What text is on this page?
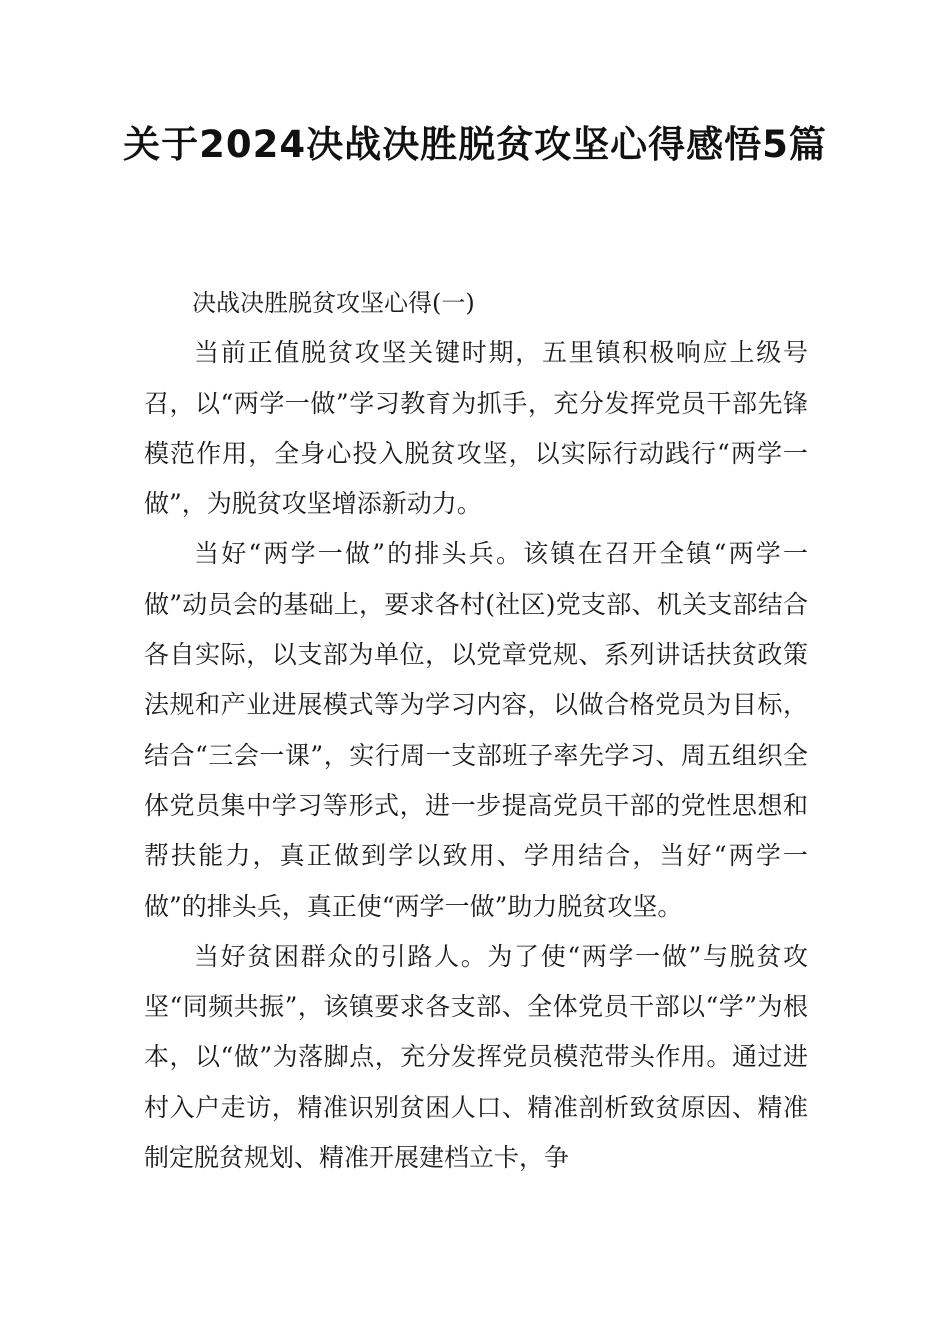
关于2024决战决胜脱贫攻坚心得感悟5篇

决战决胜脱贫攻坚心得(一)

当前正值脱贫攻坚关键时期，五里镇积极响应上级号召，以“两学一做”学习教育为抓手，充分发挥党员干部先锋模范作用，全身心投入脱贫攻坚，以实际行动践行“两学一做”，为脱贫攻坚增添新动力。

当好“两学一做”的排头兵。该镇在召开全镇“两学一做”动员会的基础上，要求各村(社区)党支部、机关支部结合各自实际，以支部为单位，以党章党规、系列讲话扶贫政策法规和产业进展模式等为学习内容，以做合格党员为目标，结合“三会一课”，实行周一支部班子率先学习、周五组织全体党员集中学习等形式，进一步提高党员干部的党性思想和帮扶能力，真正做到学以致用、学用结合，当好“两学一做”的排头兵，真正使“两学一做”助力脱贫攻坚。

当好贫困群众的引路人。为了使“两学一做”与脱贫攻坚“同频共振”，该镇要求各支部、全体党员干部以“学”为根本，以“做”为落脚点，充分发挥党员模范带头作用。通过进村入户走访，精准识别贫困人口、精准剖析致贫原因、精准制定脱贫规划、精准开展建档立卡，争
